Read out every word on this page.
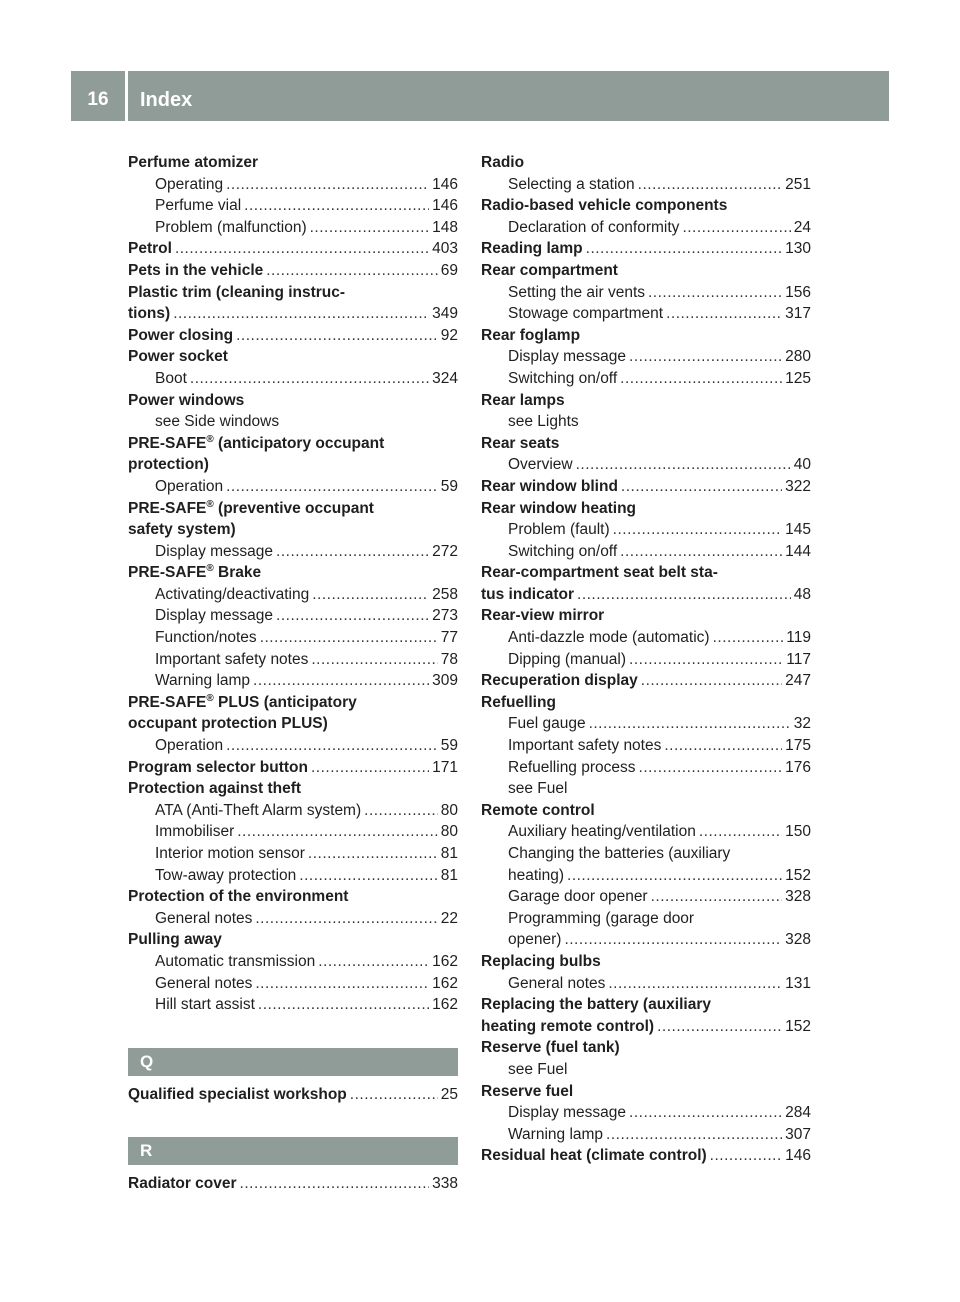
16	Index
Perfume atomizer
Operating .....	146
Perfume vial .....	146
Problem (malfunction) .....	148
Petrol .....	403
Pets in the vehicle .....	69
Plastic trim (cleaning instruc-
tions) .....	349
Power closing .....	92
Power socket
Boot .....	324
Power windows
see Side windows
PRE-SAFE® (anticipatory occupant
protection)
Operation .....	59
PRE-SAFE® (preventive occupant
safety system)
Display message .....	272
PRE-SAFE® Brake
Activating/deactivating .....	258
Display message .....	273
Function/notes .....	77
Important safety notes .....	78
Warning lamp .....	309
PRE-SAFE® PLUS (anticipatory
occupant protection PLUS)
Operation .....	59
Program selector button .....	171
Protection against theft
ATA (Anti-Theft Alarm system) .....	80
Immobiliser .....	80
Interior motion sensor .....	81
Tow-away protection .....	81
Protection of the environment
General notes .....	22
Pulling away
Automatic transmission .....	162
General notes .....	162
Hill start assist .....	162
Q
Qualified specialist workshop .....	25
R
Radiator cover .....	338
Radio
Selecting a station .....	251
Radio-based vehicle components
Declaration of conformity .....	24
Reading lamp .....	130
Rear compartment
Setting the air vents .....	156
Stowage compartment .....	317
Rear foglamp
Display message .....	280
Switching on/off .....	125
Rear lamps
see Lights
Rear seats
Overview .....	40
Rear window blind .....	322
Rear window heating
Problem (fault) .....	145
Switching on/off .....	144
Rear-compartment seat belt sta-
tus indicator .....	48
Rear-view mirror
Anti-dazzle mode (automatic) .....	119
Dipping (manual) .....	117
Recuperation display .....	247
Refuelling
Fuel gauge .....	32
Important safety notes .....	175
Refuelling process .....	176
see Fuel
Remote control
Auxiliary heating/ventilation .....	150
Changing the batteries (auxiliary
heating) .....	152
Garage door opener .....	328
Programming (garage door
opener) .....	328
Replacing bulbs
General notes .....	131
Replacing the battery (auxiliary
heating remote control) .....	152
Reserve (fuel tank)
see Fuel
Reserve fuel
Display message .....	284
Warning lamp .....	307
Residual heat (climate control) .....	146
